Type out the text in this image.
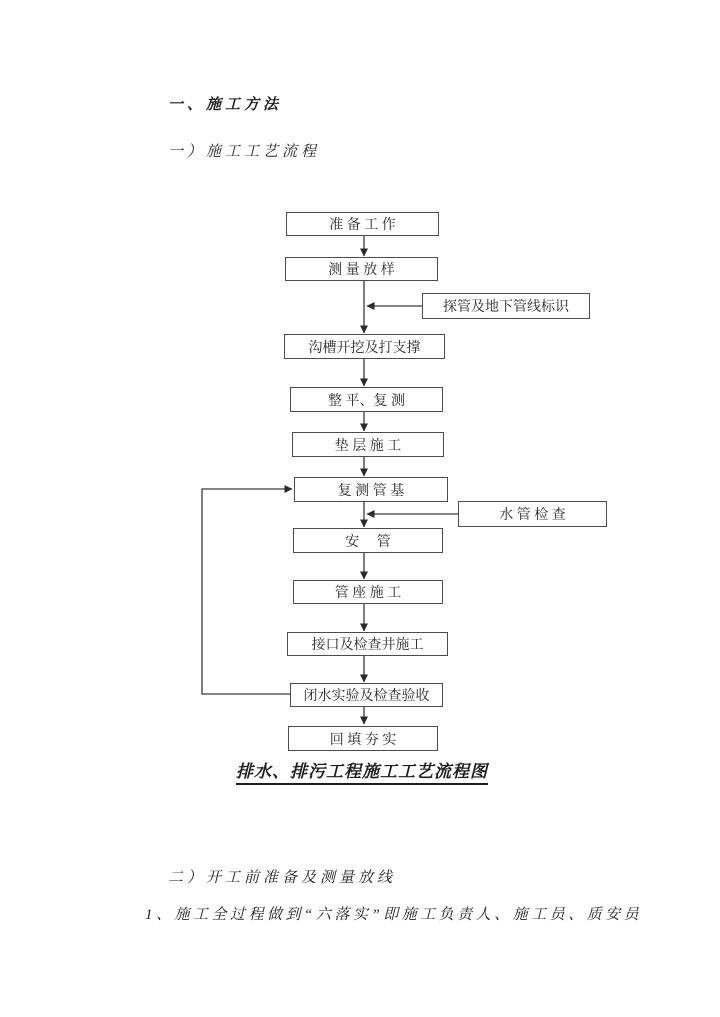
一、施工方法
一）施工工艺流程
准 备 工 作
测 量 放 样
探管及地下管线标识
沟槽开挖及打支撑
整 平、复 测
垫 层 施 工
复 测 管 基
水 管 检 查
安　 管
管 座 施 工
接口及检查井施工
闭水实验及检查验收
回 填 夯 实
排水、排污工程施工工艺流程图
二）开工前准备及测量放线
1、施工全过程做到“六落实”即施工负责人、施工员、质安员
